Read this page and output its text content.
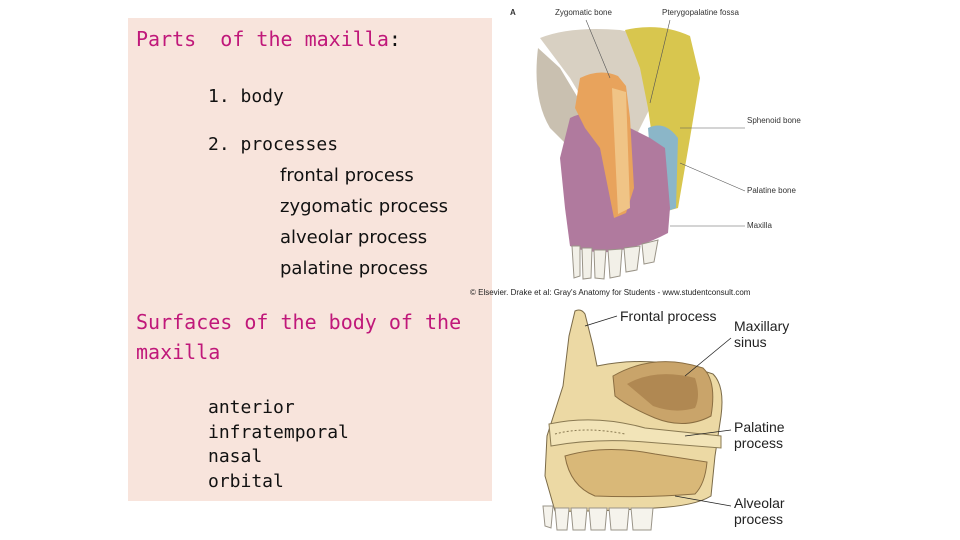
Parts  of the maxilla:
1. body
2. processes
frontal process
zygomatic process
alveolar process
palatine process
Surfaces of the body of the
maxilla
anterior
infratemporal
nasal
orbital
A	Zygomatic bone	Pterygopalatine fossa
Sphenoid bone
Palatine bone
Maxilla
© Elsevier. Drake et al: Gray's Anatomy for Students - www.studentconsult.com
Frontal process
Maxillary
sinus
Palatine
process
Alveolar
process
